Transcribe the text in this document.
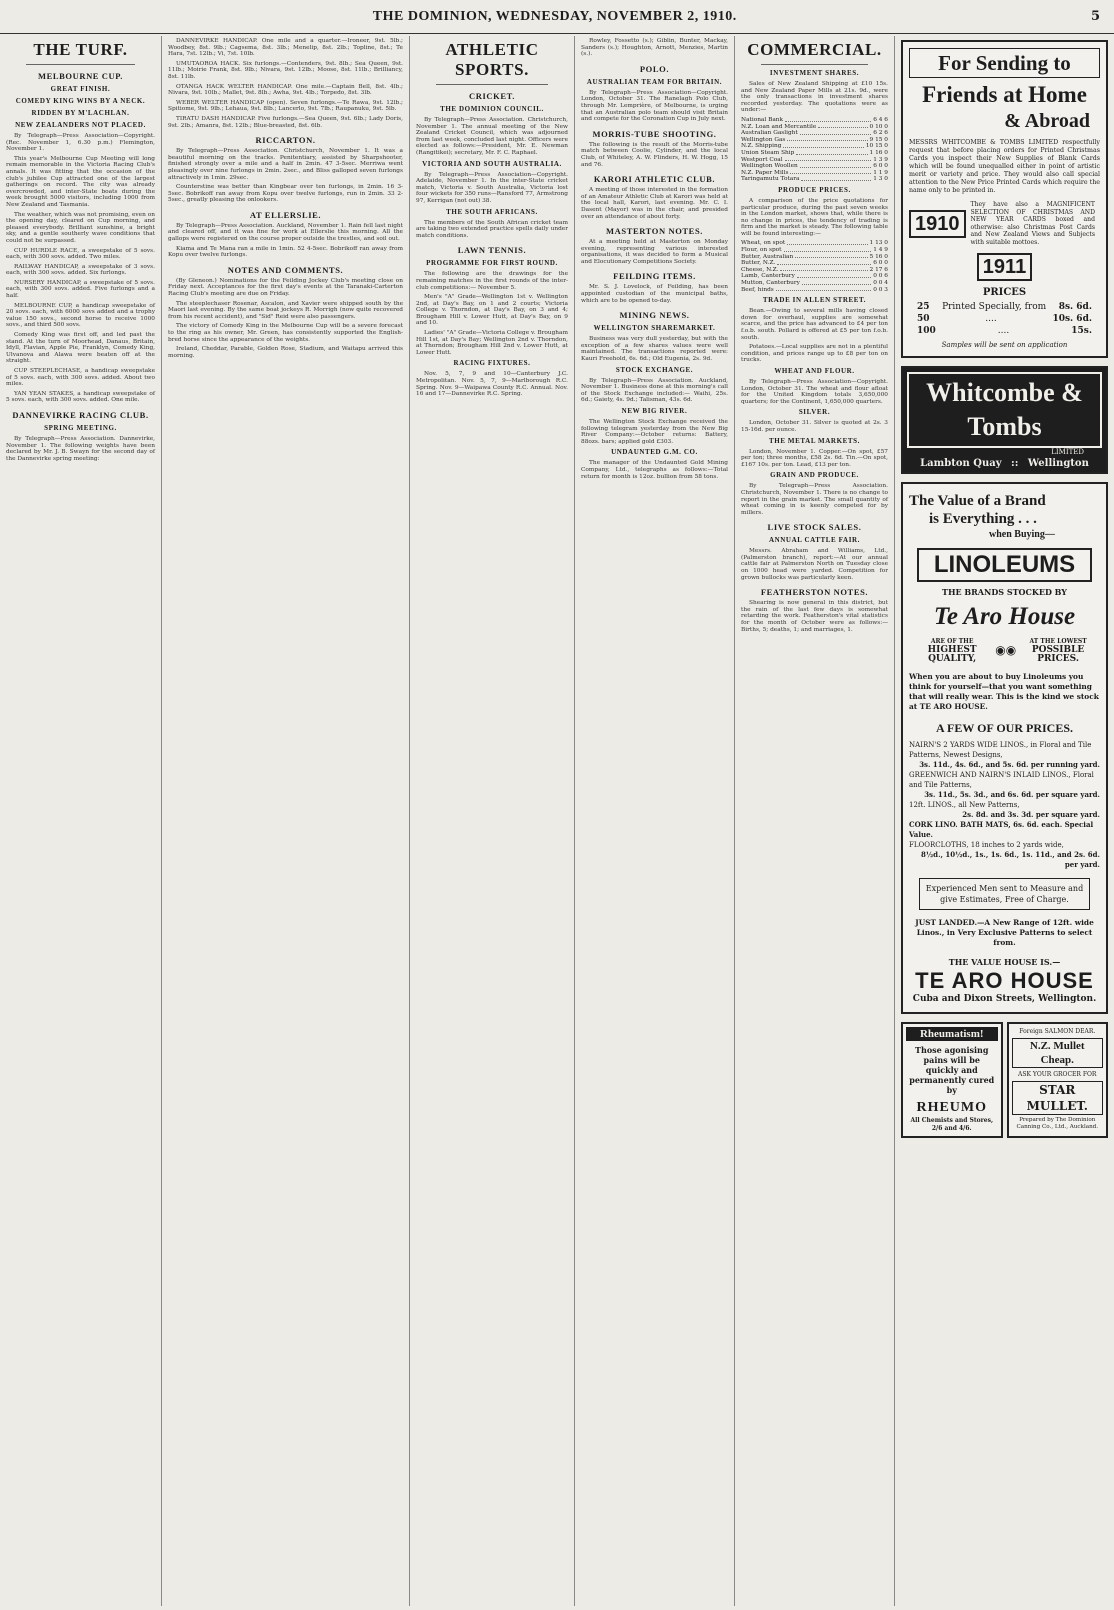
THE DOMINION, WEDNESDAY, NOVEMBER 2, 1910.	5
THE TURF.
MELBOURNE CUP.
GREAT FINISH.
COMEDY KING WINS BY A NECK.
RIDDEN BY M'LACHLAN.
NEW ZEALANDERS NOT PLACED.

By Telegraph—Press Association—Copyright. (Rec. November 1, 6.30 p.m.) Flemington, November 1.

This year's Melbourne Cup Meeting will long remain memorable in the Victoria Racing Club's annals. It was fitting that the occasion of the club's jubilee Cup attracted one of the largest gatherings on record. The city was already overcrowded, and inter-State boats during the week brought 5000 visitors, including 1000 from New Zealand and Tasmania.

The weather, which was not promising, even on the opening day, cleared on Cup morning, and pleased everybody. Brilliant sunshine, a bright sky, and a gentle southerly wave conditions that could not be surpassed.

CUP HURDLE RACE, a sweepstake of 5 sovs. each, with 300 sovs. added. Two miles.

RAILWAY HANDICAP, a sweepstake of 3 sovs. each, with 300 sovs. added. Six furlongs.

NURSERY HANDICAP, a sweepstake of 5 sovs. each, with 300 sovs. added. Five furlongs and a half.

MELBOURNE CUP, a handicap sweepstake of 20 sovs. each, with 6000 sovs added and a trophy value 150 sovs., second horse to receive 1000 sovs., and third 500 sovs.

Comedy King was first off, and led past the stand. At the turn of Moorhead, Danaus, Britain, Idyll, Flavian, Apple Pie, Franklyn, Comedy King, Ulvanova and Alawa were beaten off at the straight.

CUP STEEPLECHASE, a handicap sweepstake of 5 sovs. each, with 300 sovs. added. About two miles.

YAN YEAN STAKES, a handicap sweepstake of 5 sovs. each, with 300 sovs. added. One mile.

DANNEVIRKE RACING CLUB.
SPRING MEETING.

By Telegraph—Press Association. Dannevirke, November 1. The following weights have been declared by Mr. J. B. Swayn for the second day of the Dannevirke spring meeting:

DANNEVIRKE HANDICAP. One mile and a quarter.—Ironeer, 9st. 5lb.; Woodbey, 8st. 9lb.; Cagsema, 8st. 3lb.; Menelip, 8st. 2lb.; Topline, 8st.; Te Hara, 7st. 12lb.; Vi, 7st. 10lb.

UMUTAOROA HACK. Six furlongs.—Contenders, 9st. 8lb.; Sea Queen, 9st. 11lb.; Moirie Frank, 8st. 9lb.; Nivara, 9st. 12lb.; Moose, 8st. 11lb.; Brilliancy, 8st. 11lb.

OTANGA HACK WELTER HANDICAP. One mile.—Captain Bell, 8st. 4lb.; Nivara, 9st. 10lb.; Mallet, 9st. 8lb.; Awha, 9st. 4lb.; Torpedo, 8st. 3lb.

WEBER WELTER HANDICAP (open). Seven furlongs.—Te Rawa, 9st. 12lb.; Spitiome, 9st. 9lb.; Lehaua, 9st. 8lb.; Lancerlo, 9st. 7lb.; Raupanuku, 9st. 5lb.

TIRATU DASH HANDICAP. Five furlongs.—Sea Queen, 9st. 6lb.; Lady Doris, 9st. 2lb.; Amanra, 8st. 12lb.; Blue-breasted, 8st. 6lb.

RICCARTON.

By Telegraph—Press Association. Christchurch, November 1. It was a beautiful morning on the tracks. Penitentiary, assisted by Sharpshooter, finished strongly over a mile and a half in 2min. 47 3-5sec. Merriwa went pleasingly over nine furlongs in 2min. 2sec., and Bliss galloped seven furlongs attractively in 1min. 29sec.

Counterstine was better than Kingbear over ten furlongs, in 2min. 16 3-5sec. Bobrikoff ran away from Kopu over twelve furlongs, run in 2min. 33 2-5sec., greatly pleasing the onlookers.

AT ELLERSLIE.

By Telegraph—Press Association. Auckland, November 1. Rain fell last night and cleared off, and it was fine for work at Ellerslie this morning. All the gallops were registered on the course proper outside the trestles, and soil out.

Kiama and Te Mana ran a mile in 1min. 52 4-5sec. Bobrikoff ran away from Kopu over twelve furlongs.

NOTES AND COMMENTS.

(By Gleneon.) Nominations for the Feilding Jockey Club's meeting close on Friday next. Acceptances for the first day's events at the Taranaki-Carterton Racing Club's meeting are due on Friday.

The steeplechaser Rosenar, Ascalon, and Xavier were shipped south by the Maori last evening. By the same boat jockeys R. Morrigh (now quite recovered from his recent accident), and "Sid" Reid were also passengers.

The victory of Comedy King in the Melbourne Cup will be a severe forecast to the ring as his owner, Mr. Green, has consistently supported the English-bred horse since the appearance of the weights.

Ireland, Cheddar, Parable, Golden Rose, Stadium, and Waitapu arrived this morning.

ATHLETIC SPORTS.
CRICKET.
THE DOMINION COUNCIL.

By Telegraph—Press Association. Christchurch, November 1. The annual meeting of the New Zealand Cricket Council, which was adjourned from last week, concluded last night. Officers were elected as follows:—President, Mr. E. Newman (Rangitikei); secretary, Mr. F. C. Raphael.

VICTORIA AND SOUTH AUSTRALIA.

By Telegraph—Press Association—Copyright. Adelaide, November 1. In the inter-State cricket match, Victoria v. South Australia, Victoria lost four wickets for 350 runs—Ransford 77, Armstrong 97, Kerrigan (not out) 38.

THE SOUTH AFRICANS.

The members of the South African cricket team are taking two extended practice spells daily under match conditions.

LAWN TENNIS.
PROGRAMME FOR FIRST ROUND.

The following are the drawings for the remaining matches in the first rounds of the inter-club competitions:— November 5.

Men's "A" Grade—Wellington 1st v. Wellington 2nd, at Day's Bay, on 1 and 2 courts; Victoria College v. Thorndon, at Day's Bay, on 3 and 4; Brougham Hill v. Lower Hutt, at Day's Bay, on 9 and 10.

Ladies' "A" Grade—Victoria College v. Brougham Hill 1st, at Day's Bay; Wellington 2nd v. Thorndon, at Thorndon; Brougham Hill 2nd v. Lower Hutt, at Lower Hutt.

RACING FIXTURES.

Nov. 5, 7, 9 and 10—Canterbury J.C. Metropolitan. Nov. 5, 7, 9—Marlborough R.C. Spring. Nov. 9—Waipawa County R.C. Annual. Nov. 16 and 17—Dannevirke R.C. Spring.

Rowley, Fossetto (s.); Giblin, Bunter, Mackay, Sanders (s.); Houghton, Arnott, Menzies, Martin (s.).

POLO.
AUSTRALIAN TEAM FOR BRITAIN.

By Telegraph—Press Association—Copyright. London, October 31. The Ranelagh Polo Club, through Mr. Lemprière, of Melbourne, is urging that an Australian polo team should visit Britain and compete for the Coronation Cup in July next.

MORRIS-TUBE SHOOTING.

The following is the result of the Morris-tube match between Coolie, Cylinder, and the local Club, of Whiteley, A. W. Flinders, H. W. Hogg, 15 and 76.

KARORI ATHLETIC CLUB.

A meeting of those interested in the formation of an Amateur Athletic Club at Karori was held at the local hall, Karori, last evening. Mr. C. I. Dasent (Mayor) was in the chair, and presided over an attendance of about forty.

MASTERTON NOTES.

At a meeting held at Masterton on Monday evening, representing various interested organisations, it was decided to form a Musical and Elocutionary Competitions Society.

FEILDING ITEMS.

Mr. S. J. Lovelock, of Feilding, has been appointed custodian of the municipal baths, which are to be opened to-day.

MINING NEWS.
WELLINGTON SHAREMARKET.

Business was very dull yesterday, but with the exception of a few shares values were well maintained. The transactions reported were: Kauri Freehold, 6s. 6d.; Old Eugenia, 2s. 9d.

STOCK EXCHANGE.

By Telegraph—Press Association. Auckland, November 1. Business done at this morning's call of the Stock Exchange included:— Waihi, 25s. 6d.; Gaiety, 4s. 9d.; Talisman, 43s. 6d.

NEW BIG RIVER.

The Wellington Stock Exchange received the following telegram yesterday from the New Big River Company:—October returns: Battery, 88ozs. bars; applied gold £303.

UNDAUNTED G.M. CO.

The manager of the Undaunted Gold Mining Company, Ltd., telegraphs as follows:—Total return for month is 12oz. bullion from 58 tons.

COMMERCIAL.
INVESTMENT SHARES.

Sales of New Zealand Shipping at £10 15s. and New Zealand Paper Mills at 21s. 9d., were the only transactions in investment shares recorded yesterday. The quotations were as under:—

National Bank	6 4 6
N.Z. Loan and Mercantile	0 10 0
Australian Gaslight	6 2 6
Wellington Gas	9 15 0
N.Z. Shipping	10 15 0
Union Steam Ship	1 16 0
Westport Coal	1 3 9
Wellington Woollen	6 0 0
N.Z. Paper Mills	1 1 9
Taringamutu Totara	1 3 0
PRODUCE PRICES.

A comparison of the price quotations for particular produce, during the past seven weeks in the London market, shows that, while there is no change in prices, the tendency of trading is firm and the market is steady. The following table will be found interesting:—

Wheat, on spot	1 13 0
Flour, on spot	1 4 9
Butter, Australian	5 16 0
Butter, N.Z.	6 0 0
Cheese, N.Z.	2 17 6
Lamb, Canterbury	0 0 6
Mutton, Canterbury	0 0 4
Beef, hinds	0 0 3
TRADE IN ALLEN STREET.

Bean.—Owing to several mills having closed down for overhaul, supplies are somewhat scarce, and the price has advanced to £4 per ton f.o.b. south. Pollard is offered at £5 per ton f.o.b. south.

Potatoes.—Local supplies are not in a plentiful condition, and prices range up to £8 per ton on trucks.

WHEAT AND FLOUR.

By Telegraph—Press Association—Copyright. London, October 31. The wheat and flour afloat for the United Kingdom totals 3,650,000 quarters; for the Continent, 1,650,000 quarters.

SILVER.

London, October 31. Silver is quoted at 2s. 3 15-16d. per ounce.

THE METAL MARKETS.

London, November 1. Copper.—On spot, £57 per ton; three months, £58 2s. 6d. Tin.—On spot, £167 10s. per ton. Lead, £13 per ton.

GRAIN AND PRODUCE.

By Telegraph—Press Association. Christchurch, November 1. There is no change to report in the grain market. The small quantity of wheat coming in is keenly competed for by millers.

LIVE STOCK SALES.
ANNUAL CATTLE FAIR.

Messrs. Abraham and Williams, Ltd., (Palmerston branch), report:—At our annual cattle fair at Palmerston North on Tuesday close on 1000 head were yarded. Competition for grown bullocks was particularly keen.

FEATHERSTON NOTES.

Shearing is now general in this district, but the rain of the last few days is somewhat retarding the work. Featherston's vital statistics for the month of October were as follows:—Births, 5; deaths, 1; and marriages, 1.

For Sending to
Friends at Home
& Abroad
MESSRS WHITCOMBE & TOMBS LIMITED respectfully request that before placing orders for Printed Christmas Cards you inspect their New Supplies of Blank Cards which will be found unequalled either in point of artistic merit or variety and price. They would also call special attention to the New Price Printed Cards which require the name only to be printed in.
1910
They have also a MAGNIFICENT SELECTION OF CHRISTMAS AND NEW YEAR CARDS boxed and otherwise: also Christmas Post Cards and New Zealand Views and Subjects with suitable mottoes.
1911
PRICES
25 Printed Specially, from 8s. 6d.
50	....	10s. 6d.
100	....	15s.
Samples will be sent on application
Whitcombe & Tombs
LIMITED
Lambton Quay :: Wellington
The Value of a Brand
is Everything . . .
when Buying—
LINOLEUMS
THE BRANDS STOCKED BY
Te Aro House
ARE OF THE
HIGHEST QUALITY,
◉◉
AT THE LOWEST
POSSIBLE PRICES.
When you are about to buy Linoleums you think for yourself—that you want something that will really wear. This is the kind we stock at TE ARO HOUSE.
A FEW OF OUR PRICES.
NAIRN'S 2 YARDS WIDE LINOS., in Floral and Tile Patterns, Newest Designs,
3s. 11d., 4s. 6d., and 5s. 6d. per running yard.
GREENWICH AND NAIRN'S INLAID LINOS., Floral and Tile Patterns,
3s. 11d., 5s. 3d., and 6s. 6d. per square yard.
12ft. LINOS., all New Patterns,
2s. 8d. and 3s. 3d. per square yard.
CORK LINO. BATH MATS, 6s. 6d. each. Special Value.
FLOORCLOTHS, 18 inches to 2 yards wide,
8½d., 10½d., 1s., 1s. 6d., 1s. 11d., and 2s. 6d. per yard.
Experienced Men sent to Measure and give Estimates, Free of Charge.
JUST LANDED.—A New Range of 12ft. wide Linos., in Very Exclusive Patterns to select from.
THE VALUE HOUSE IS.—
TE ARO HOUSE
Cuba and Dixon Streets, Wellington.
Rheumatism!
Those agonising pains will be quickly and permanently cured by
RHEUMO
All Chemists and Stores, 2/6 and 4/6.
Foreign SALMON DEAR.
N.Z. Mullet Cheap.
ASK YOUR GROCER FOR
STAR MULLET.
Prepared by The Dominion Canning Co., Ltd., Auckland.
